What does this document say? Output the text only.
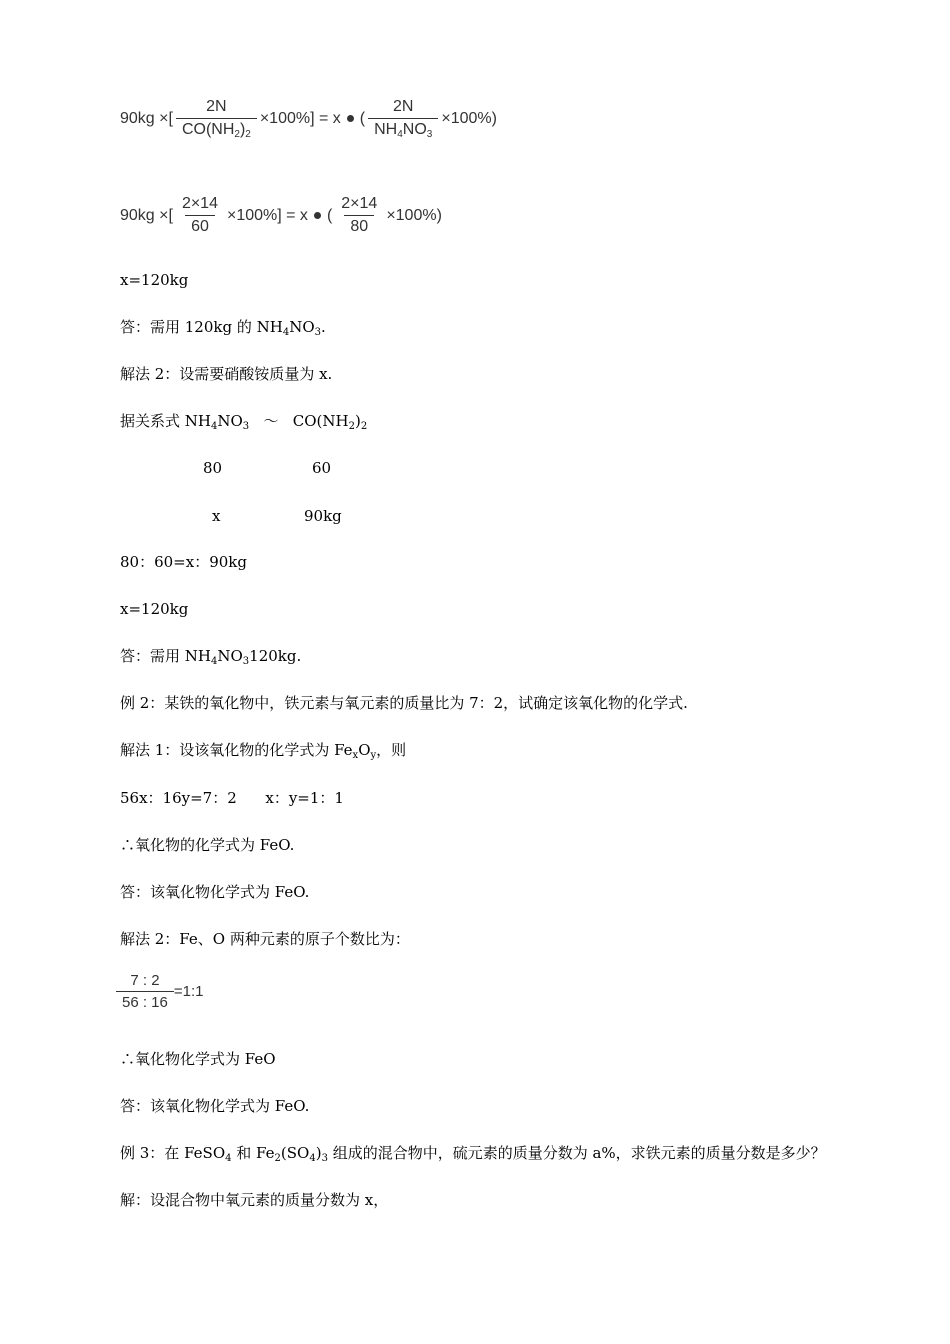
90kg ×[ $\frac{2N}{CO(NH_2)_2} \times 100\%] = x$ ( $\frac{2N}{NH_4NO_3} \times 100\%$)
90kg ×[ $\frac{2\times 14}{60} \times 100\%] = x$ ( $\frac{2\times 14}{80} \times 100\%$)
x=120kg
答：需用 120kg 的 $NH_4NO_3$.
解法 2：设需要硝酸铵质量为 x.
据关系式 $NH_4NO_3$   ～   $CO(NH_2)_2$
80	60
x	90kg
80：60=x：90kg
x=120kg
答：需用 $NH_4NO_3120kg$.
例 2：某铁的氧化物中，铁元素与氧元素的质量比为 7：2，试确定该氧化物的化学式.
解法 1：设该氧化物的化学式为 $Fe_xO_y$，则
56x：16y=7：2      x：y=1：1
∴氧化物的化学式为 FeO.
答：该氧化物化学式为 FeO.
解法 2：Fe、O 两种元素的原子个数比为：
$\frac{7 : 2}{56 : 16}$ =1:1
∴氧化物化学式为 FeO
答：该氧化物化学式为 FeO.
例 3：在 FeSO$_4$ 和 $Fe_2(SO_4)_3$ 组成的混合物中，硫元素的质量分数为 a%，求铁元素的质量分数是多少？
解：设混合物中氧元素的质量分数为 x，
